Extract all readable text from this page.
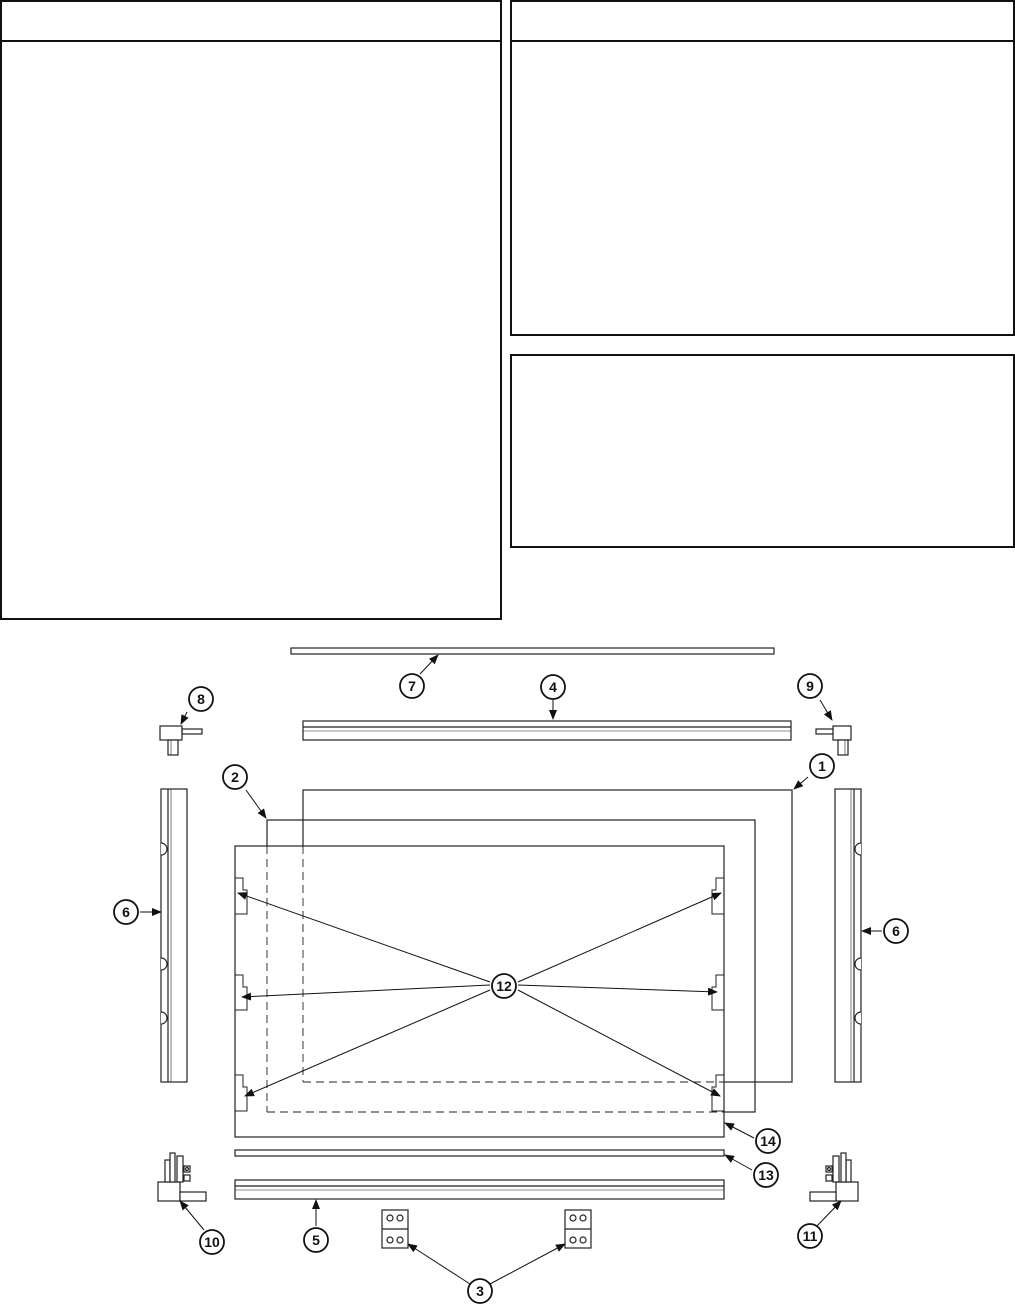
1
2
3
4
5
6
6
7
8
9
10	11
12
13
14
